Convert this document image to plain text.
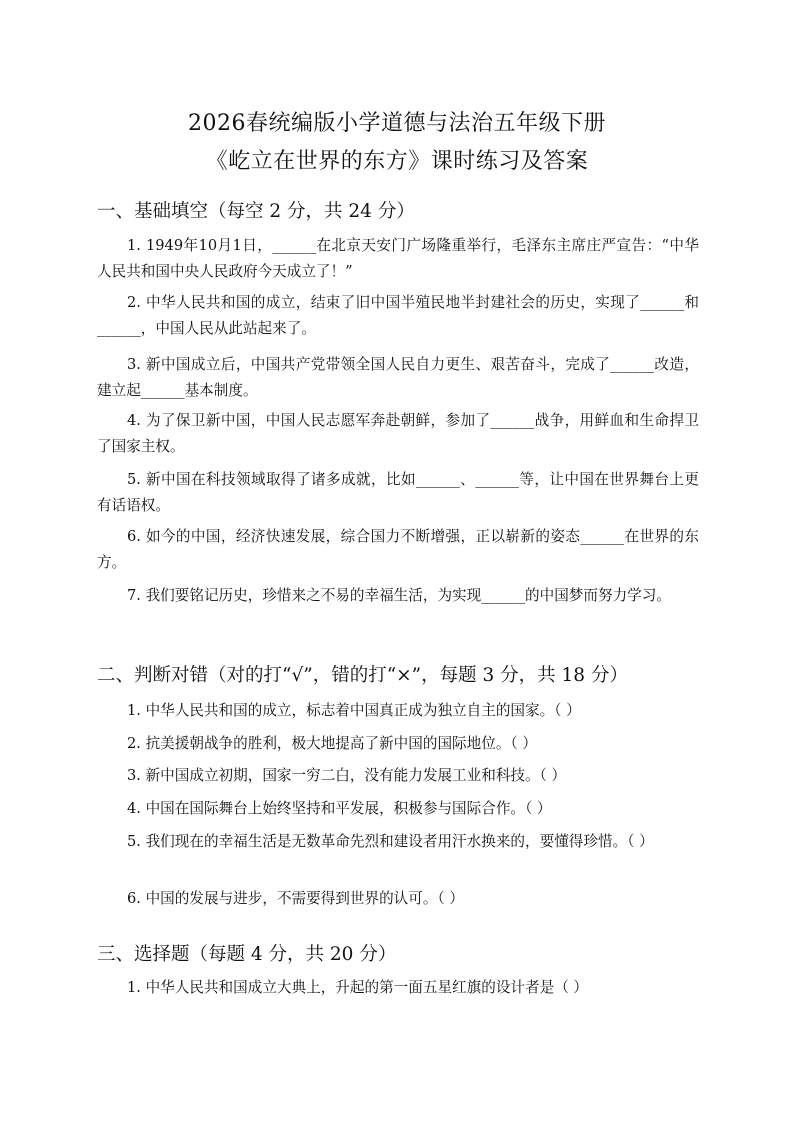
2026春统编版小学道德与法治五年级下册
《屹立在世界的东方》课时练习及答案
一、基础填空（每空 2 分，共 24 分）
1. 1949年10月1日，______在北京天安门广场隆重举行，毛泽东主席庄严宣告：“中华人民共和国中央人民政府今天成立了！”
2. 中华人民共和国的成立，结束了旧中国半殖民地半封建社会的历史，实现了______和______，中国人民从此站起来了。
3. 新中国成立后，中国共产党带领全国人民自力更生、艰苦奋斗，完成了______改造，建立起______基本制度。
4. 为了保卫新中国，中国人民志愿军奔赴朝鲜，参加了______战争，用鲜血和生命捍卫了国家主权。
5. 新中国在科技领域取得了诸多成就，比如______、______等，让中国在世界舞台上更有话语权。
6. 如今的中国，经济快速发展，综合国力不断增强，正以崭新的姿态______在世界的东方。
7. 我们要铭记历史，珍惜来之不易的幸福生活，为实现______的中国梦而努力学习。
二、判断对错（对的打“√”，错的打“×”，每题 3 分，共 18 分）
1. 中华人民共和国的成立，标志着中国真正成为独立自主的国家。（ ）
2. 抗美援朝战争的胜利，极大地提高了新中国的国际地位。（ ）
3. 新中国成立初期，国家一穷二白，没有能力发展工业和科技。（ ）
4. 中国在国际舞台上始终坚持和平发展，积极参与国际合作。（ ）
5. 我们现在的幸福生活是无数革命先烈和建设者用汗水换来的，要懂得珍惜。（ ）
6. 中国的发展与进步，不需要得到世界的认可。（ ）
三、选择题（每题 4 分，共 20 分）
1. 中华人民共和国成立大典上，升起的第一面五星红旗的设计者是（ ）
